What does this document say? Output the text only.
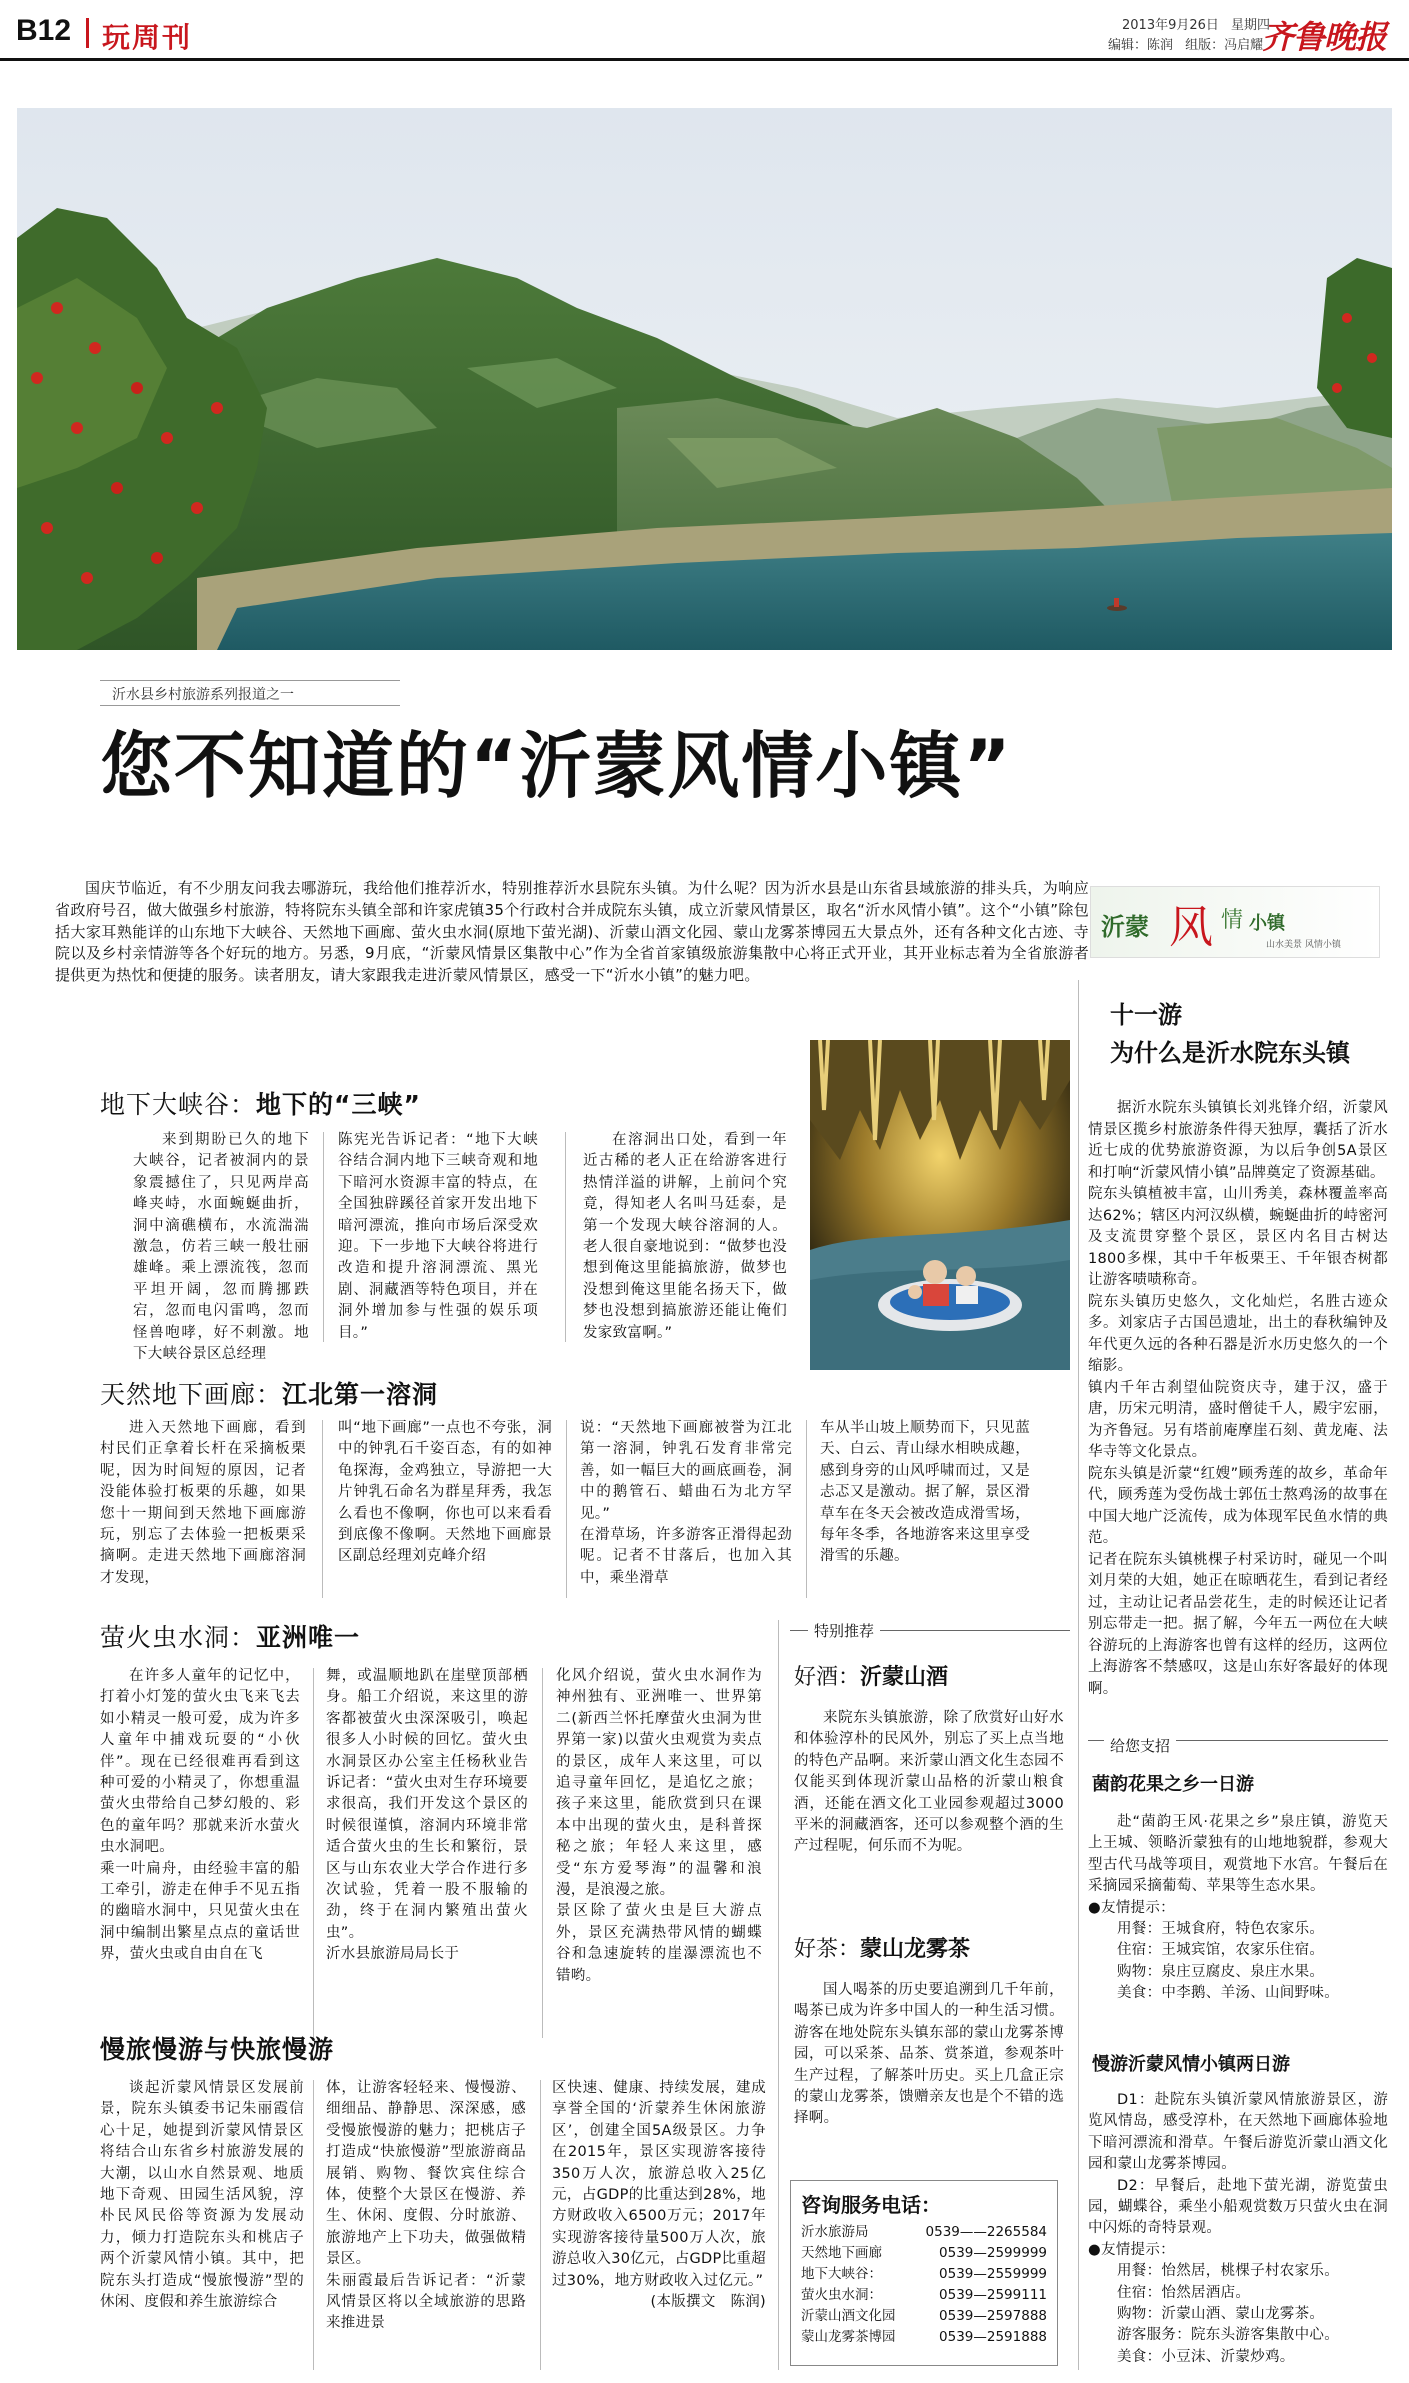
B12 玩周刊	2013年9月26日 星期四
编辑：陈润 组版：冯启耀
齐鲁晚报
沂水县乡村旅游系列报道之一
您不知道的“沂蒙风情小镇”

国庆节临近，有不少朋友问我去哪游玩，我给他们推荐沂水，特别推荐沂水县院东头镇。为什么呢？因为沂水县是山东省县域旅游的排头兵，为响应省政府号召，做大做强乡村旅游，特将院东头镇全部和许家虎镇35个行政村合并成院东头镇，成立沂蒙风情景区，取名“沂水风情小镇”。这个“小镇”除包括大家耳熟能详的山东地下大峡谷、天然地下画廊、萤火虫水洞(原地下萤光湖)、沂蒙山酒文化园、蒙山龙雾茶博园五大景点外，还有各种文化古迹、寺院以及乡村亲情游等各个好玩的地方。另悉，9月底，“沂蒙风情景区集散中心”作为全省首家镇级旅游集散中心将正式开业，其开业标志着为全省旅游者提供更为热忱和便捷的服务。读者朋友，请大家跟我走进沂蒙风情景区，感受一下“沂水小镇”的魅力吧。

沂蒙 风 情 小镇
山水美景 风情小镇
十一游
为什么是沂水院东头镇

据沂水院东头镇镇长刘兆锋介绍，沂蒙风情景区揽乡村旅游条件得天独厚，囊括了沂水近七成的优势旅游资源，为以后争创5A景区和打响“沂蒙风情小镇”品牌奠定了资源基础。
院东头镇植被丰富，山川秀美，森林覆盖率高达62%；辖区内河汉纵横，蜿蜒曲折的峙密河及支流贯穿整个景区，景区内名目古树达1800多棵，其中千年板栗王、千年银杏树都让游客啧啧称奇。
院东头镇历史悠久，文化灿烂，名胜古迹众多。刘家店子古国邑遗址，出土的春秋编钟及年代更久远的各种石器是沂水历史悠久的一个缩影。
镇内千年古刹望仙院资庆寺，建于汉，盛于唐，历宋元明清，盛时僧徒千人，殿宇宏丽，为齐鲁冠。另有塔前庵摩崖石刻、黄龙庵、法华寺等文化景点。
院东头镇是沂蒙“红嫂”顾秀莲的故乡，革命年代，顾秀莲为受伤战士郭伍士熬鸡汤的故事在中国大地广泛流传，成为体现军民鱼水情的典范。
记者在院东头镇桃棵子村采访时，碰见一个叫刘月荣的大姐，她正在晾晒花生，看到记者经过，主动让记者品尝花生，走的时候还让记者别忘带走一把。据了解，今年五一两位在大峡谷游玩的上海游客也曾有这样的经历，这两位上海游客不禁感叹，这是山东好客最好的体现啊。

给您支招
菌韵花果之乡一日游

赴“菌韵王风·花果之乡”泉庄镇，游览天上王城、领略沂蒙独有的山地地貌群，参观大型古代马战等项目，观赏地下水宫。午餐后在采摘园采摘葡萄、苹果等生态水果。

●友情提示：
用餐：王城食府，特色农家乐。
住宿：王城宾馆，农家乐住宿。
购物：泉庄豆腐皮、泉庄水果。
美食：中李鹅、羊汤、山间野味。
慢游沂蒙风情小镇两日游

D1：赴院东头镇沂蒙风情旅游景区，游览风情岛，感受淳朴，在天然地下画廊体验地下暗河漂流和滑草。午餐后游览沂蒙山酒文化园和蒙山龙雾茶博园。

D2：早餐后，赴地下萤光湖，游览萤虫园，蝴蝶谷，乘坐小船观赏数万只萤火虫在洞中闪烁的奇特景观。

●友情提示：
用餐：怡然居，桃棵子村农家乐。
住宿：怡然居酒店。
购物：沂蒙山酒、蒙山龙雾茶。
游客服务：院东头游客集散中心。
美食：小豆沫、沂蒙炒鸡。
地下大峡谷：地下的“三峡”

来到期盼已久的地下大峡谷，记者被洞内的景象震撼住了，只见两岸高峰夹峙，水面蜿蜒曲折，洞中滴礁横布，水流湍湍激急，仿若三峡一般壮丽雄峰。乘上漂流筏，忽而平坦开阔，忽而腾挪跌宕，忽而电闪雷鸣，忽而怪兽咆哮，好不刺激。地下大峡谷景区总经理

陈宪光告诉记者：“地下大峡谷结合洞内地下三峡奇观和地下暗河水资源丰富的特点，在全国独辟蹊径首家开发出地下暗河漂流，推向市场后深受欢迎。下一步地下大峡谷将进行改造和提升溶洞漂流、黑光剧、洞藏酒等特色项目，并在洞外增加参与性强的娱乐项目。”

在溶洞出口处，看到一年近古稀的老人正在给游客进行热情洋溢的讲解，上前问个究竟，得知老人名叫马廷泰，是第一个发现大峡谷溶洞的人。老人很自豪地说到：“做梦也没想到俺这里能搞旅游，做梦也没想到俺这里能名扬天下，做梦也没想到搞旅游还能让俺们发家致富啊。”

天然地下画廊：江北第一溶洞

进入天然地下画廊，看到村民们正拿着长杆在采摘板栗呢，因为时间短的原因，记者没能体验打板栗的乐趣，如果您十一期间到天然地下画廊游玩，别忘了去体验一把板栗采摘啊。走进天然地下画廊溶洞才发现，

叫“地下画廊”一点也不夸张，洞中的钟乳石千姿百态，有的如神龟探海，金鸡独立，导游把一大片钟乳石命名为群星拜秀，我怎么看也不像啊，你也可以来看看到底像不像啊。天然地下画廊景区副总经理刘克峰介绍

说：“天然地下画廊被誉为江北第一溶洞，钟乳石发育非常完善，如一幅巨大的画底画卷，洞中的鹅管石、蜡曲石为北方罕见。”
在滑草场，许多游客正滑得起劲呢。记者不甘落后，也加入其中，乘坐滑草

车从半山坡上顺势而下，只见蓝天、白云、青山绿水相映成趣，感到身旁的山风呼啸而过，又是忐忑又是激动。据了解，景区滑草车在冬天会被改造成滑雪场，每年冬季，各地游客来这里享受滑雪的乐趣。

萤火虫水洞：亚洲唯一

在许多人童年的记忆中，打着小灯笼的萤火虫飞来飞去如小精灵一般可爱，成为许多人童年中捕戏玩耍的“小伙伴”。现在已经很难再看到这种可爱的小精灵了，你想重温萤火虫带给自己梦幻般的、彩色的童年吗？那就来沂水萤火虫水洞吧。
乘一叶扁舟，由经验丰富的船工牵引，游走在伸手不见五指的幽暗水洞中，只见萤火虫在洞中编制出繁星点点的童话世界，萤火虫或自由自在飞

舞，或温顺地趴在崖壁顶部栖身。船工介绍说，来这里的游客都被萤火虫深深吸引，唤起很多人小时候的回忆。萤火虫水洞景区办公室主任杨秋业告诉记者：“萤火虫对生存环境要求很高，我们开发这个景区的时候很谨慎，溶洞内环境非常适合萤火虫的生长和繁衍，景区与山东农业大学合作进行多次试验，凭着一股不服输的劲，终于在洞内繁殖出萤火虫”。
沂水县旅游局局长于

化风介绍说，萤火虫水洞作为神州独有、亚洲唯一、世界第二(新西兰怀托摩萤火虫洞为世界第一家)以萤火虫观赏为卖点的景区，成年人来这里，可以追寻童年回忆，是追忆之旅；孩子来这里，能欣赏到只在课本中出现的萤火虫，是科普探秘之旅；年轻人来这里，感受“东方爱琴海”的温馨和浪漫，是浪漫之旅。
景区除了萤火虫是巨大游点外，景区充满热带风情的蝴蝶谷和急速旋转的崖瀑漂流也不错哟。

特别推荐
好酒：沂蒙山酒

来院东头镇旅游，除了欣赏好山好水和体验淳朴的民风外，别忘了买上点当地的特色产品啊。来沂蒙山酒文化生态园不仅能买到体现沂蒙山品格的沂蒙山粮食酒，还能在酒文化工业园参观超过3000平米的洞藏酒客，还可以参观整个酒的生产过程呢，何乐而不为呢。

好茶：蒙山龙雾茶

国人喝茶的历史要追溯到几千年前，喝茶已成为许多中国人的一种生活习惯。游客在地处院东头镇东部的蒙山龙雾茶博园，可以采茶、品茶、赏茶道，参观茶叶生产过程，了解茶叶历史。买上几盒正宗的蒙山龙雾茶，馈赠亲友也是个不错的选择啊。

咨询服务电话：
沂水旅游局	0539——2265584
天然地下画廊	0539—2599999
地下大峡谷：	0539—2559999
萤火虫水洞：	0539—2599111
沂蒙山酒文化园	0539—2597888
蒙山龙雾茶博园	0539—2591888
慢旅慢游与快旅慢游

谈起沂蒙风情景区发展前景，院东头镇委书记朱丽霞信心十足，她提到沂蒙风情景区将结合山东省乡村旅游发展的大潮，以山水自然景观、地质地下奇观、田园生活风貌，淳朴民风民俗等资源为发展动力，倾力打造院东头和桃店子两个沂蒙风情小镇。其中，把院东头打造成“慢旅慢游”型的休闲、度假和养生旅游综合

体，让游客轻轻来、慢慢游、细细品、静静思、深深感，感受慢旅慢游的魅力；把桃店子打造成“快旅慢游”型旅游商品展销、购物、餐饮宾住综合体，使整个大景区在慢游、养生、休闲、度假、分时旅游、旅游地产上下功夫，做强做精景区。
朱丽霞最后告诉记者：“沂蒙风情景区将以全域旅游的思路来推进景

区快速、健康、持续发展，建成享誉全国的‘沂蒙养生休闲旅游区’，创建全国5A级景区。力争在2015年，景区实现游客接待350万人次，旅游总收入25亿元，占GDP的比重达到28%，地方财政收入6500万元；2017年实现游客接待量500万人次，旅游总收入30亿元，占GDP比重超过30%，地方财政收入过亿元。”

(本版撰文　陈润)
